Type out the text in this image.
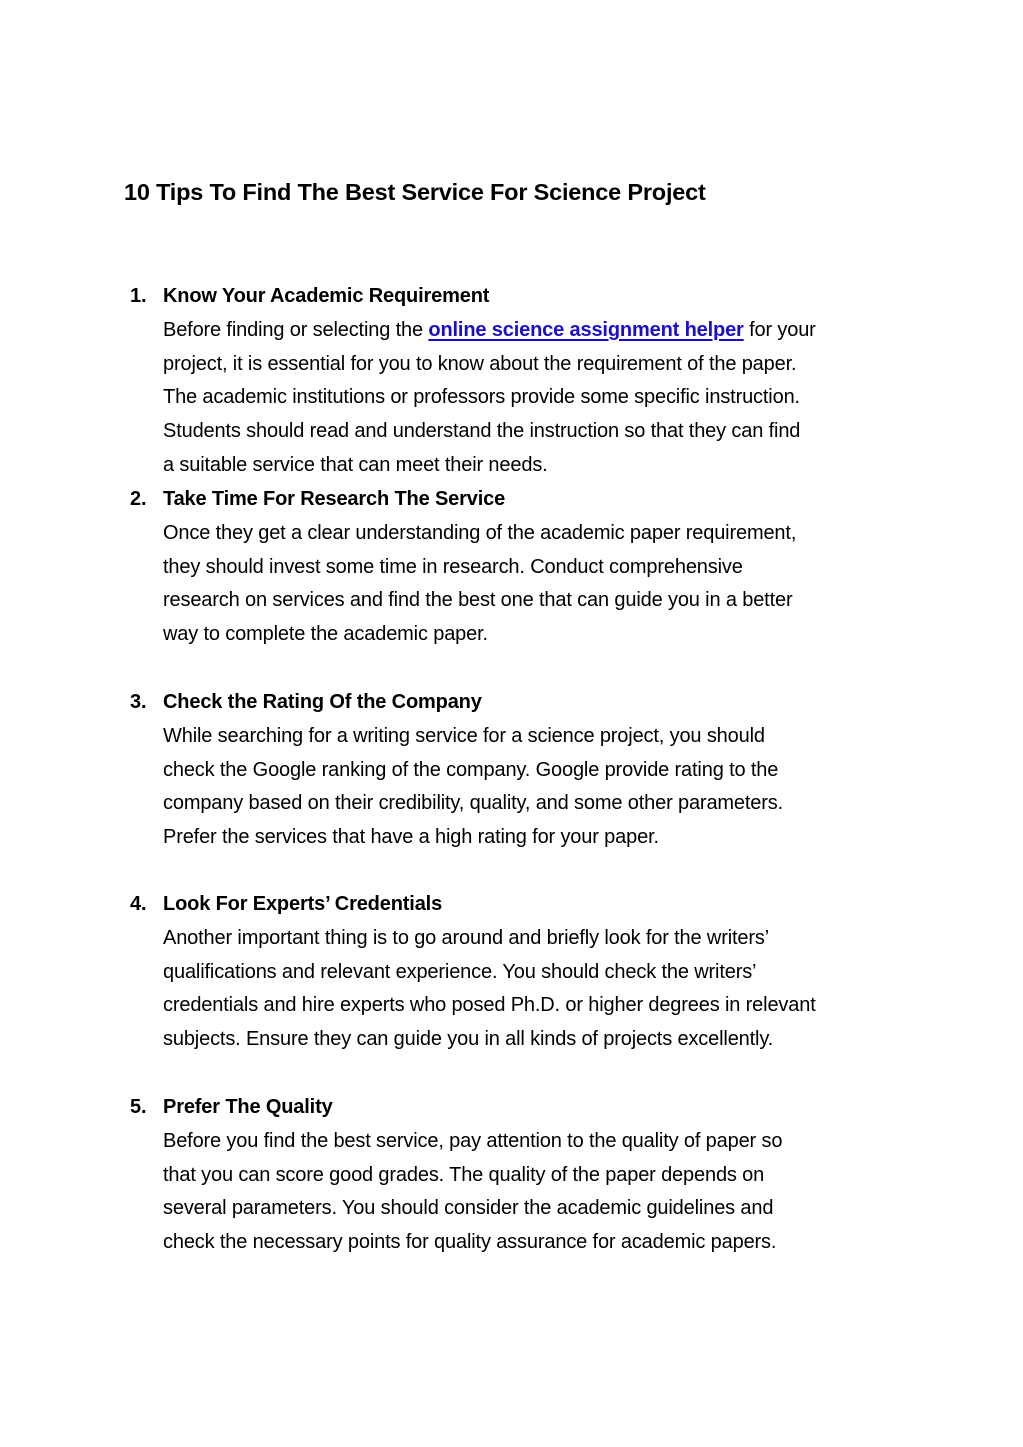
10 Tips To Find The Best Service For Science Project
1. Know Your Academic Requirement
Before finding or selecting the online science assignment helper for your
project, it is essential for you to know about the requirement of the paper.
The academic institutions or professors provide some specific instruction.
Students should read and understand the instruction so that they can find
a suitable service that can meet their needs.
2. Take Time For Research The Service
Once they get a clear understanding of the academic paper requirement,
they should invest some time in research. Conduct comprehensive
research on services and find the best one that can guide you in a better
way to complete the academic paper.
3. Check the Rating Of the Company
While searching for a writing service for a science project, you should
check the Google ranking of the company. Google provide rating to the
company based on their credibility, quality, and some other parameters.
Prefer the services that have a high rating for your paper.
4. Look For Experts’ Credentials
Another important thing is to go around and briefly look for the writers’
qualifications and relevant experience. You should check the writers’
credentials and hire experts who posed Ph.D. or higher degrees in relevant
subjects. Ensure they can guide you in all kinds of projects excellently.
5. Prefer The Quality
Before you find the best service, pay attention to the quality of paper so
that you can score good grades. The quality of the paper depends on
several parameters. You should consider the academic guidelines and
check the necessary points for quality assurance for academic papers.
